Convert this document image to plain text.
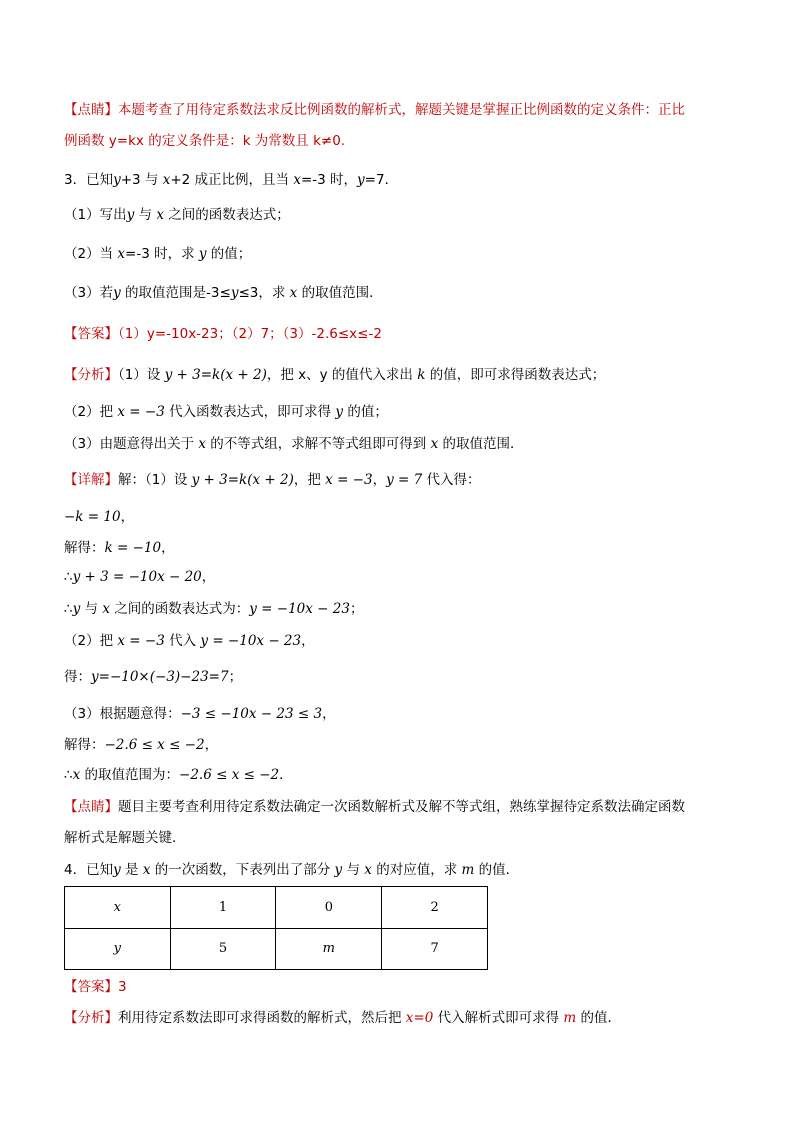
【点睛】本题考查了用待定系数法求反比例函数的解析式，解题关键是掌握正比例函数的定义条件：正比
例函数 y=kx 的定义条件是：k 为常数且 k≠0.
3．已知y+3 与 x+2 成正比例，且当 x=-3 时，y=7．
（1）写出y 与 x 之间的函数表达式；
（2）当 x=-3 时，求 y 的值；
（3）若y 的取值范围是-3≤y≤3，求 x 的取值范围．
【答案】（1）y=-10x-23；（2）7；（3）-2.6≤x≤-2
【分析】（1）设 y + 3=k(x + 2)，把 x、y 的值代入求出 k 的值，即可求得函数表达式；
（2）把 x = −3 代入函数表达式，即可求得 y 的值；
（3）由题意得出关于 x 的不等式组，求解不等式组即可得到 x 的取值范围．
【详解】解：（1）设 y + 3=k(x + 2)，把 x = −3，y = 7 代入得：
−k = 10，
解得：k = −10，
∴y + 3 = −10x − 20，
∴y 与 x 之间的函数表达式为：y = −10x − 23；
（2）把 x = −3 代入 y = −10x − 23，
得：y=−10×(−3)−23=7；
（3）根据题意得：−3 ≤ −10x − 23 ≤ 3，
解得：−2.6 ≤ x ≤ −2，
∴x 的取值范围为：−2.6 ≤ x ≤ −2．
【点睛】题目主要考查利用待定系数法确定一次函数解析式及解不等式组，熟练掌握待定系数法确定函数
解析式是解题关键．
4．已知y 是 x 的一次函数，下表列出了部分 y 与 x 的对应值，求 m 的值．
x	1	0	2
y	5	m	7
【答案】3
【分析】利用待定系数法即可求得函数的解析式，然后把 x=0 代入解析式即可求得 m 的值．
